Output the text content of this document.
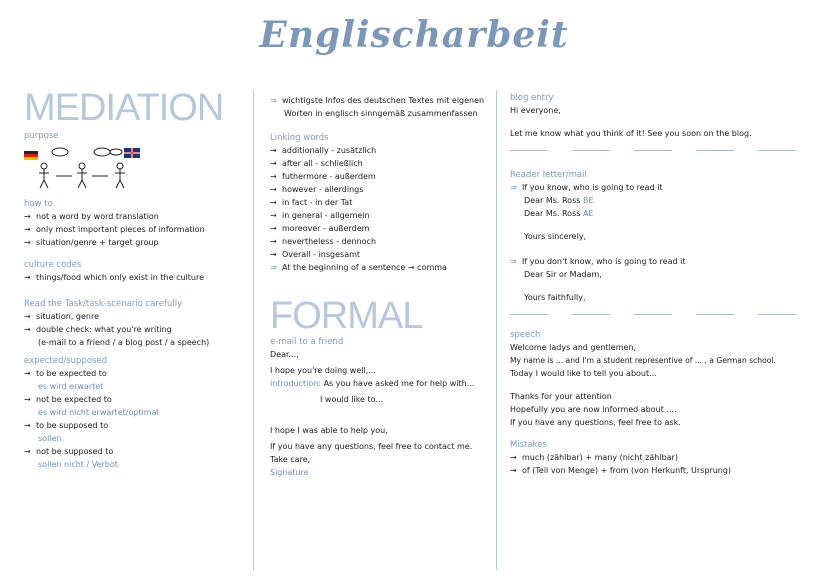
Englischarbeit
MEDIATION
purpose
how to
→ not a word by word translation
→ only most important pieces of information
→ situation/genre + target group
culture codes
→ things/food which only exist in the culture
Read the Task/task-scenario carefully
→ situation, genre
→ double check: what you're writing
(e-mail to a friend / a blog post / a speech)
expected/supposed
→ to be expected to
es wird erwartet
→ not be expected to
es wird nicht erwartet/optimal
→ to be supposed to
sollen
→ not be supposed to
sollen nicht / Verbot
⇒ wichtigste Infos des deutschen Textes mit eigenen
Worten in englisch sinngemäß zusammenfassen
Linking words
→ additionally - zusätzlich
→ after all - schließlich
→ futhermore - außerdem
→ however - allerdings
→ in fact - in der Tat
→ in general - allgemein
→ moreover - außerdem
→ nevertheless - dennoch
→ Overall - insgesamt
⇒ At the beginning of a sentence → comma
FORMAL
e-mail to a friend
Dear...,
I hope you're doing well,...
introduction: As you have asked me for help with...
I would like to...
I hope I was able to help you,
If you have any questions, feel free to contact me.
Take care,
Signature
blog entry
Hi everyone,
Let me know what you think of it! See you soon on the blog.
Reader letter/mail
⇒ If you know, who is going to read it
Dear Ms. Ross BE
Dear Ms. Ross AE
Yours sincerely,
⇒ If you don't know, who is going to read it
Dear Sir or Madam,
Yours faithfully,
speech
Welcome ladys and gentlemen,
My name is ... and I'm a student representive of ... , a German school.
Today I would like to tell you about...
Thanks for your attention
Hopefully you are now informed about ....
If you have any questions, feel free to ask.
Mistakes
→ much (zählbar) + many (nicht zählbar)
→ of (Teil von Menge) + from (von Herkunft, Ursprung)
